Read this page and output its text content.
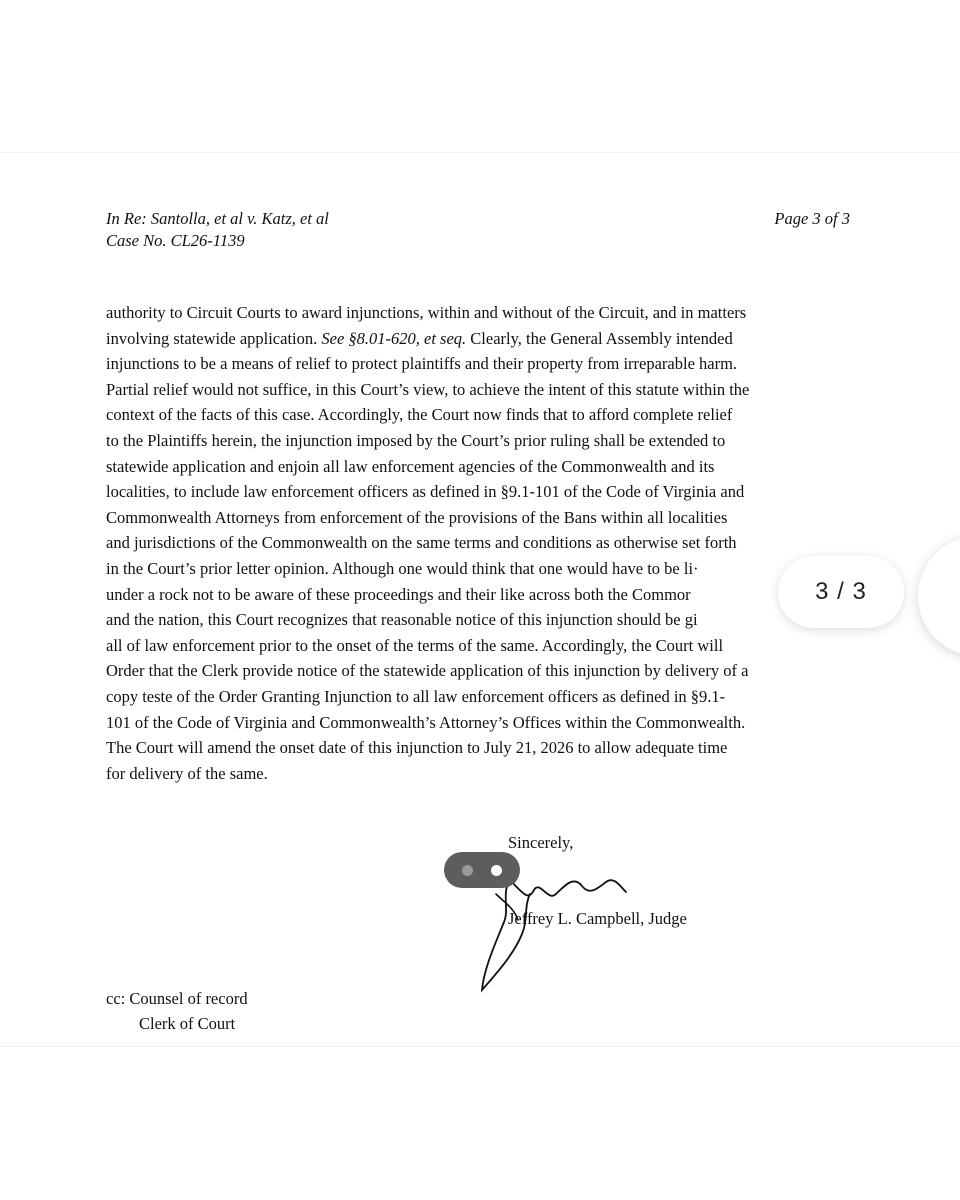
In Re: Santolla, et al v. Katz, et al
Case No. CL26-1139
Page 3 of 3
authority to Circuit Courts to award injunctions, within and without of the Circuit, and in matters
involving statewide application. See §8.01-620, et seq. Clearly, the General Assembly intended
injunctions to be a means of relief to protect plaintiffs and their property from irreparable harm.
Partial relief would not suffice, in this Court’s view, to achieve the intent of this statute within the
context of the facts of this case. Accordingly, the Court now finds that to afford complete relief
to the Plaintiffs herein, the injunction imposed by the Court’s prior ruling shall be extended to
statewide application and enjoin all law enforcement agencies of the Commonwealth and its
localities, to include law enforcement officers as defined in §9.1-101 of the Code of Virginia and
Commonwealth Attorneys from enforcement of the provisions of the Bans within all localities
and jurisdictions of the Commonwealth on the same terms and conditions as otherwise set forth
in the Court’s prior letter opinion. Although one would think that one would have to be li·
under a rock not to be aware of these proceedings and their like across both the Commor
and the nation, this Court recognizes that reasonable notice of this injunction should be gi
all of law enforcement prior to the onset of the terms of the same. Accordingly, the Court will
Order that the Clerk provide notice of the statewide application of this injunction by delivery of a
copy teste of the Order Granting Injunction to all law enforcement officers as defined in §9.1-
101 of the Code of Virginia and Commonwealth’s Attorney’s Offices within the Commonwealth.
The Court will amend the onset date of this injunction to July 21, 2026 to allow adequate time
for delivery of the same.
Sincerely,
Jeffrey L. Campbell, Judge
cc: Counsel of record
Clerk of Court
3 / 3
